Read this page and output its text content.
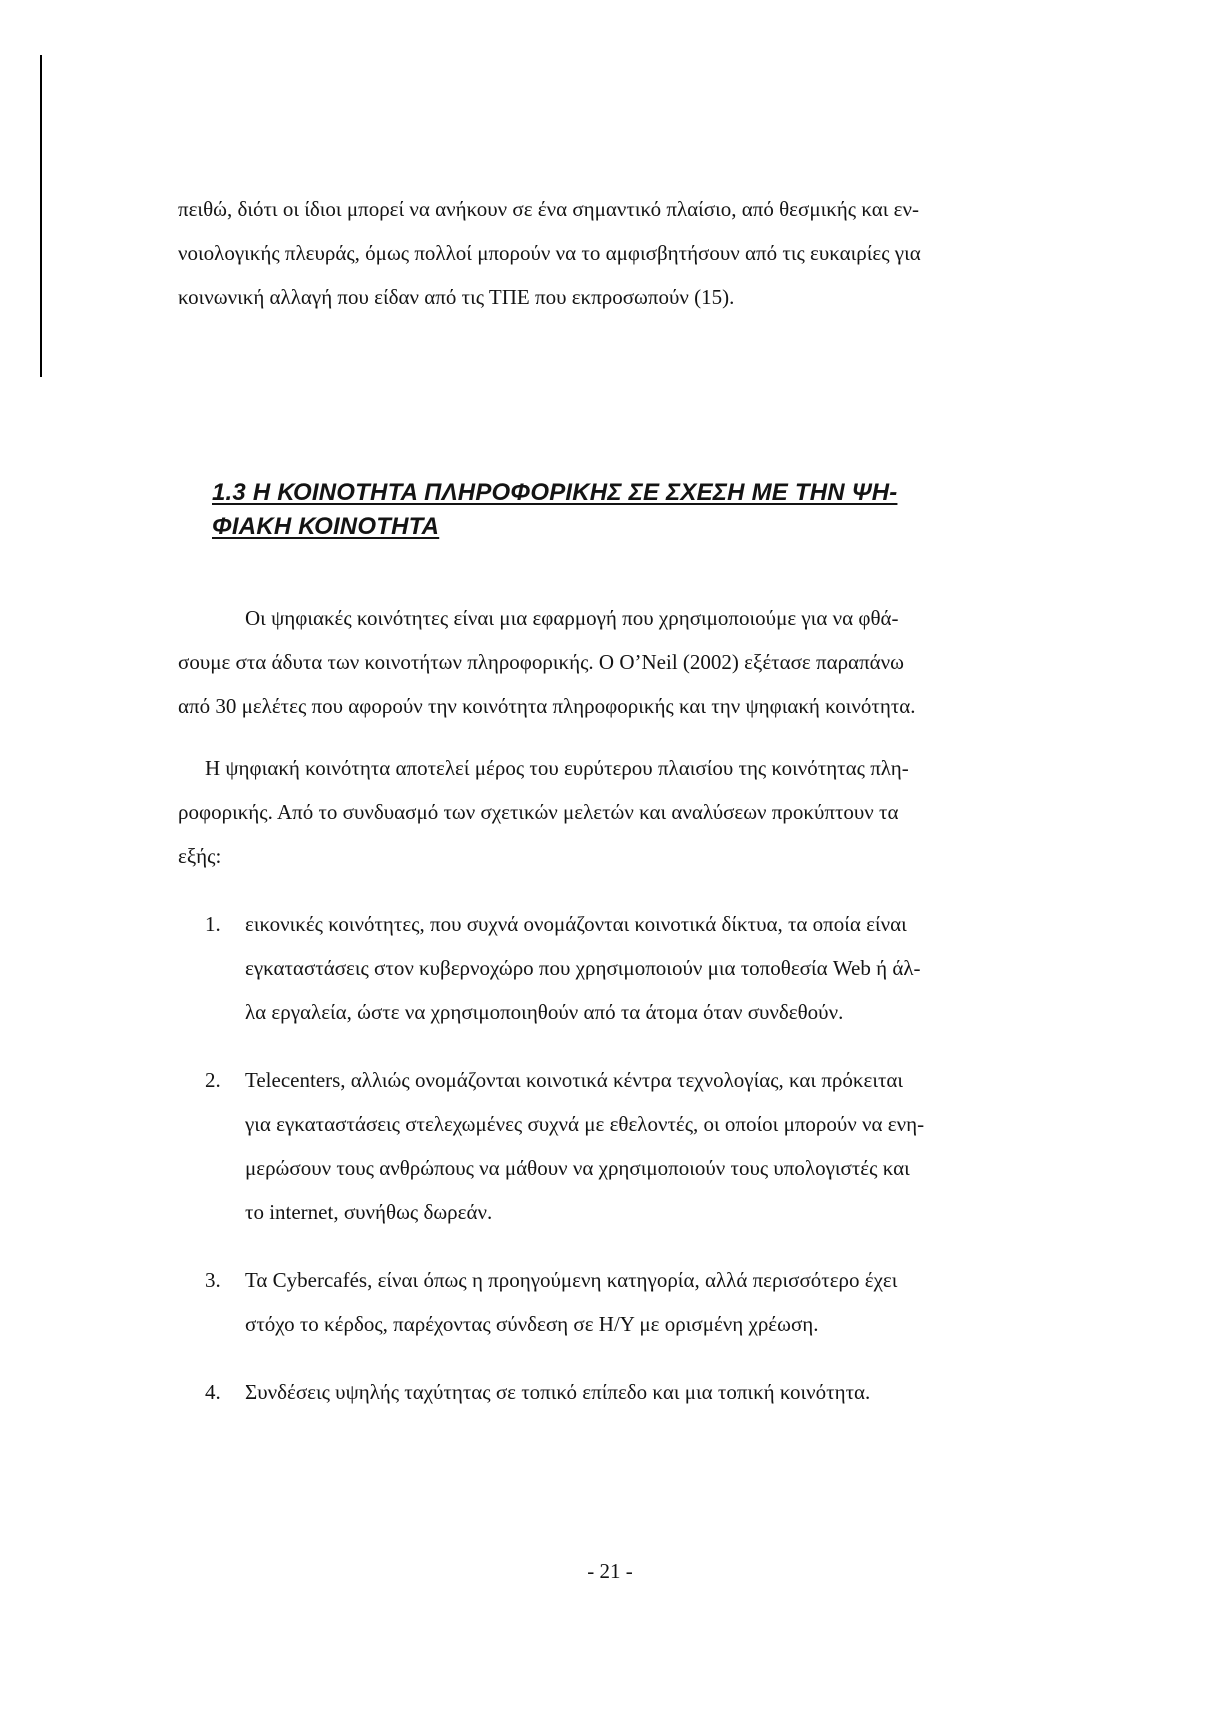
πειθώ, διότι οι ίδιοι μπορεί να ανήκουν σε ένα σημαντικό πλαίσιο, από θεσμικής και εν-
νοιολογικής πλευράς, όμως πολλοί μπορούν να το αμφισβητήσουν από τις ευκαιρίες για
κοινωνική αλλαγή που είδαν από τις ΤΠΕ που εκπροσωπούν (15).
1.3 Η ΚΟΙΝΟΤΗΤΑ ΠΛΗΡΟΦΟΡΙΚΗΣ ΣΕ ΣΧΕΣΗ ΜΕ ΤΗΝ ΨΗ-
ΦΙΑΚΗ ΚΟΙΝΟΤΗΤΑ
Οι ψηφιακές κοινότητες είναι μια εφαρμογή που χρησιμοποιούμε για να φθά-
σουμε στα άδυτα των κοινοτήτων πληροφορικής. Ο O’Neil (2002) εξέτασε παραπάνω
από 30 μελέτες που αφορούν την κοινότητα πληροφορικής και την ψηφιακή κοινότητα.
Η ψηφιακή κοινότητα αποτελεί μέρος του ευρύτερου πλαισίου της κοινότητας πλη-
ροφορικής. Από το συνδυασμό των σχετικών μελετών και αναλύσεων προκύπτουν τα
εξής:
1. εικονικές κοινότητες, που συχνά ονομάζονται κοινοτικά δίκτυα, τα οποία είναι
εγκαταστάσεις στον κυβερνοχώρο που χρησιμοποιούν μια τοποθεσία Web ή άλ-
λα εργαλεία, ώστε να χρησιμοποιηθούν από τα άτομα όταν συνδεθούν.
2. Telecenters, αλλιώς ονομάζονται κοινοτικά κέντρα τεχνολογίας, και πρόκειται
για εγκαταστάσεις στελεχωμένες συχνά με εθελοντές, οι οποίοι μπορούν να ενη-
μερώσουν τους ανθρώπους να μάθουν να χρησιμοποιούν τους υπολογιστές και
το internet, συνήθως δωρεάν.
3. Τα Cybercafés, είναι όπως η προηγούμενη κατηγορία, αλλά περισσότερο έχει
στόχο το κέρδος, παρέχοντας σύνδεση σε Η/Υ με ορισμένη χρέωση.
4. Συνδέσεις υψηλής ταχύτητας σε τοπικό επίπεδο και μια τοπική κοινότητα.
- 21 -
